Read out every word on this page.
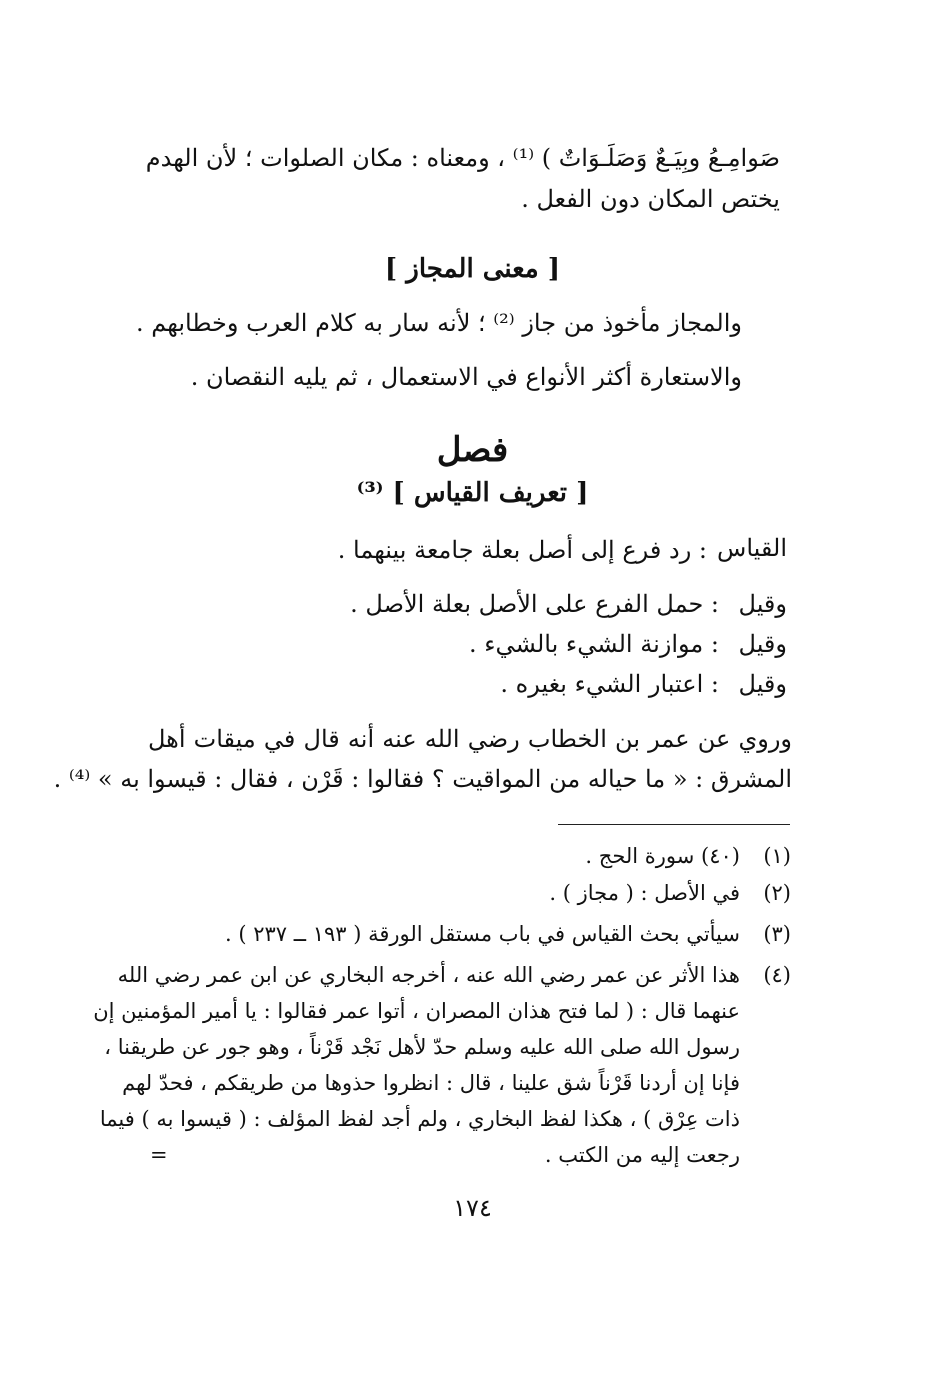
صَوامِـعُ وبِيَـعٌ وَصَلَـوَاتٌ ) ⁽¹⁾ ، ومعناه : مكان الصلوات ؛ لأن الهدم
يختص المكان دون الفعل .
[ معنى المجاز ]
والمجاز مأخوذ من جاز ⁽²⁾ ؛ لأنه سار به كلام العرب وخطابهم .
والاستعارة أكثر الأنواع في الاستعمال ، ثم يليه النقصان .
فصل
[ تعريف القياس ] ⁽³⁾
القياس
: رد فرع إلى أصل بعلة جامعة بينهما .
وقيل
: حمل الفرع على الأصل بعلة الأصل .
وقيل
: موازنة الشيء بالشيء .
وقيل
: اعتبار الشيء بغيره .
وروي عن عمر بن الخطاب رضي الله عنه أنه قال في ميقات أهل
المشرق : « ما حياله من المواقيت ؟ فقالوا : قَرْن ، فقال : قيسوا به » ⁽⁴⁾ .
(١)
(٤٠) سورة الحج .
(٢)
في الأصل : ( مجاز ) .
(٣)
سيأتي بحث القياس في باب مستقل الورقة ( ١٩٣ ــ ٢٣٧ ) .
(٤)
هذا الأثر عن عمر رضي الله عنه ، أخرجه البخاري عن ابن عمر رضي الله
عنهما قال : ( لما فتح هذان المصران ، أتوا عمر فقالوا : يا أمير المؤمنين إن
رسول الله صلى الله عليه وسلم حدّ لأهل نَجْد قَرْناً ، وهو جور عن طريقنا ،
فإنا إن أردنا قَرْناً شق علينا ، قال : انظروا حذوها من طريقكم ، فحدّ لهم
ذات عِرْق ) ، هكذا لفظ البخاري ، ولم أجد لفظ المؤلف : ( قيسوا به ) فيما
رجعت إليه من الكتب .
=
١٧٤
